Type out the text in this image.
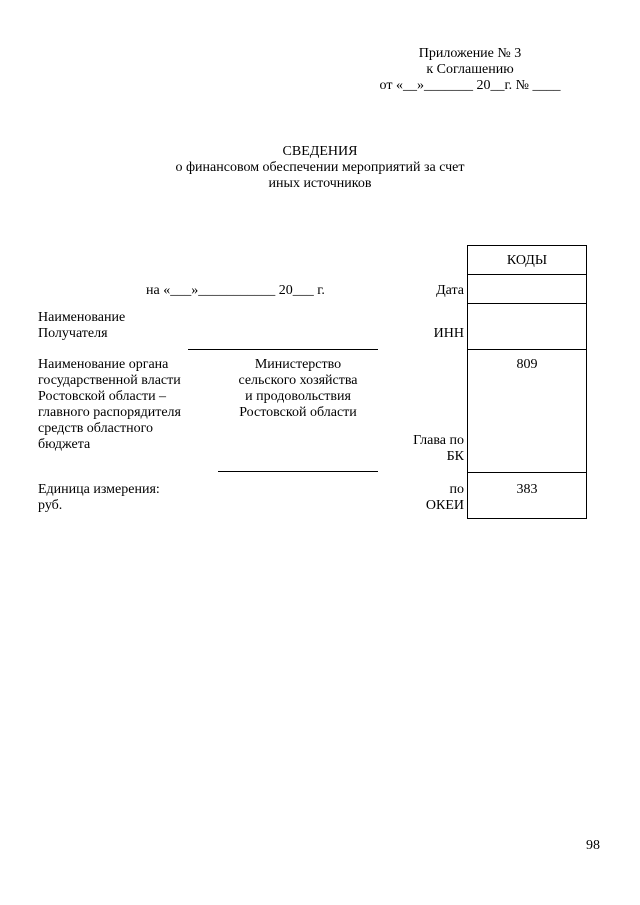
Приложение № 3
к Соглашению
от «__»_______ 20__г. № ____
СВЕДЕНИЯ
о финансовом обеспечении мероприятий за счет
иных источников
КОДЫ
809
383
на «___»___________ 20___ г.	Дата
ИНН
Глава по
БК
по
ОКЕИ
Наименование
Получателя
Наименование органа
государственной власти
Ростовской области –
главного распорядителя
средств областного
бюджета
Министерство
сельского хозяйства
и продовольствия
Ростовской области
Единица измерения:
руб.
98
